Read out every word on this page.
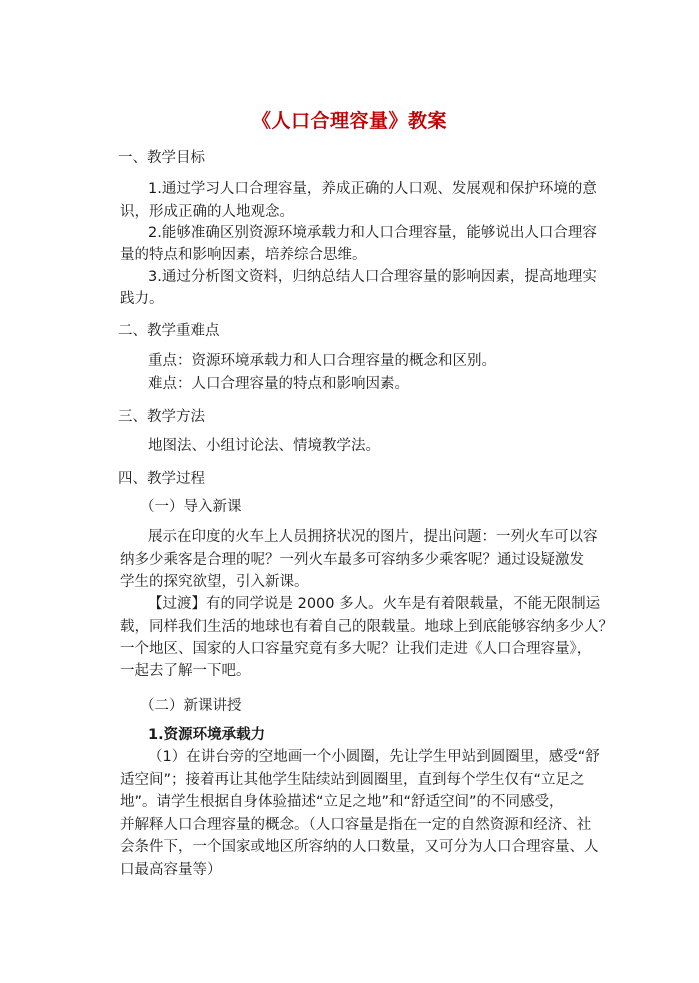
《人口合理容量》教案
一、教学目标
1.通过学习人口合理容量，养成正确的人口观、发展观和保护环境的意
识，形成正确的人地观念。
2.能够准确区别资源环境承载力和人口合理容量，能够说出人口合理容
量的特点和影响因素，培养综合思维。
3.通过分析图文资料，归纳总结人口合理容量的影响因素，提高地理实
践力。
二、教学重难点
重点：资源环境承载力和人口合理容量的概念和区别。
难点：人口合理容量的特点和影响因素。
三、教学方法
地图法、小组讨论法、情境教学法。
四、教学过程
（一）导入新课
展示在印度的火车上人员拥挤状况的图片，提出问题：一列火车可以容
纳多少乘客是合理的呢？一列火车最多可容纳多少乘客呢？通过设疑激发
学生的探究欲望，引入新课。
【过渡】有的同学说是 2000 多人。火车是有着限载量，不能无限制运
载，同样我们生活的地球也有着自己的限载量。地球上到底能够容纳多少人？
一个地区、国家的人口容量究竟有多大呢？让我们走进《人口合理容量》，
一起去了解一下吧。
（二）新课讲授
1.资源环境承载力
（1）在讲台旁的空地画一个小圆圈，先让学生甲站到圆圈里，感受“舒
适空间”；接着再让其他学生陆续站到圆圈里，直到每个学生仅有“立足之
地”。请学生根据自身体验描述“立足之地”和“舒适空间”的不同感受，
并解释人口合理容量的概念。（人口容量是指在一定的自然资源和经济、社
会条件下，一个国家或地区所容纳的人口数量，又可分为人口合理容量、人
口最高容量等）
